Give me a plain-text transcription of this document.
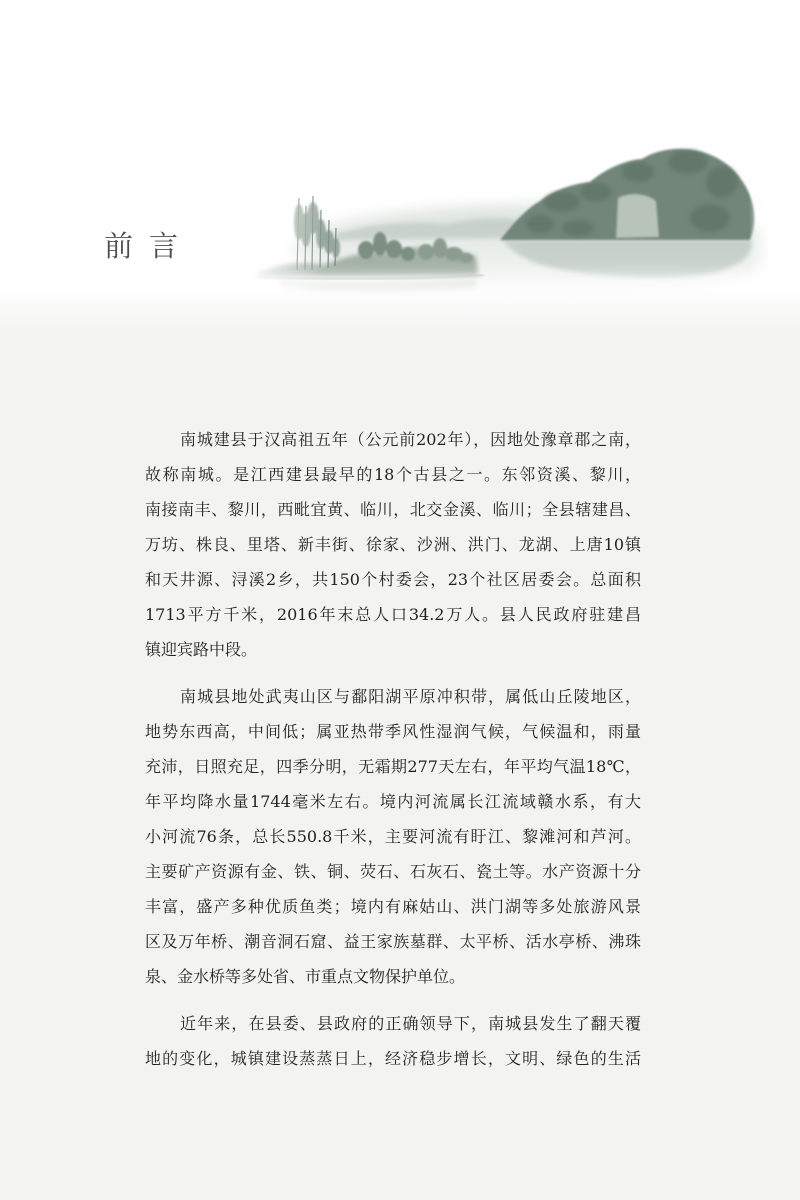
前言
南城建县于汉高祖五年（公元前202年），因地处豫章郡之南，
故称南城。是江西建县最早的18个古县之一。东邻资溪、黎川，
南接南丰、黎川，西毗宜黄、临川，北交金溪、临川；全县辖建昌、
万坊、株良、里塔、新丰街、徐家、沙洲、洪门、龙湖、上唐10镇
和天井源、浔溪2乡，共150个村委会，23个社区居委会。总面积
1713平方千米，2016年末总人口34.2万人。县人民政府驻建昌
镇迎宾路中段。
南城县地处武夷山区与鄱阳湖平原冲积带，属低山丘陵地区，
地势东西高，中间低；属亚热带季风性湿润气候，气候温和，雨量
充沛，日照充足，四季分明，无霜期277天左右，年平均气温18℃，
年平均降水量1744毫米左右。境内河流属长江流域赣水系，有大
小河流76条，总长550.8千米，主要河流有盱江、黎滩河和芦河。
主要矿产资源有金、铁、铜、荧石、石灰石、瓷土等。水产资源十分
丰富，盛产多种优质鱼类；境内有麻姑山、洪门湖等多处旅游风景
区及万年桥、潮音洞石窟、益王家族墓群、太平桥、活水亭桥、沸珠
泉、金水桥等多处省、市重点文物保护单位。
近年来，在县委、县政府的正确领导下，南城县发生了翻天覆
地的变化，城镇建设蒸蒸日上，经济稳步增长，文明、绿色的生活
